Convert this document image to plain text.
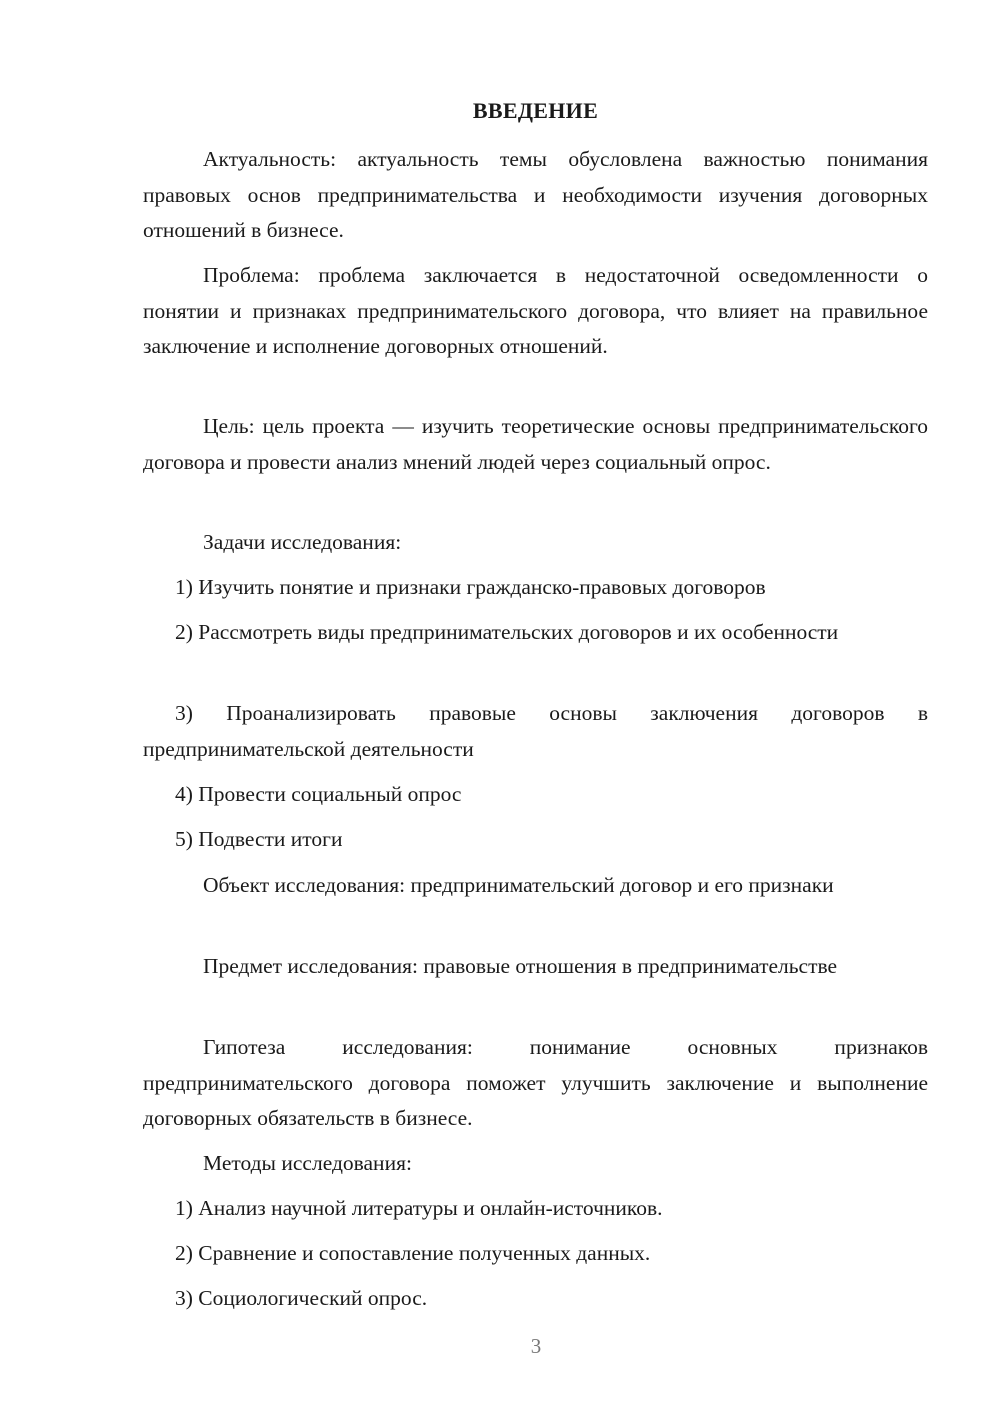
ВВЕДЕНИЕ

Актуальность: актуальность темы обусловлена важностью понимания правовых основ предпринимательства и необходимости изучения договорных отношений в бизнесе.

Проблема: проблема заключается в недостаточной осведомленности о понятии и признаках предпринимательского договора, что влияет на правильное заключение и исполнение договорных отношений.

Цель: цель проекта — изучить теоретические основы предпринимательского договора и провести анализ мнений людей через социальный опрос.

Задачи исследования:

1) Изучить понятие и признаки гражданско-правовых договоров

2) Рассмотреть виды предпринимательских договоров и их особенности

3) Проанализировать правовые основы заключения договоров в предпринимательской деятельности

4) Провести социальный опрос

5) Подвести итоги

Объект исследования: предпринимательский договор и его признаки

Предмет исследования: правовые отношения в предпринимательстве

Гипотеза исследования: понимание основных признаков предпринимательского договора поможет улучшить заключение и выполнение договорных обязательств в бизнесе.

Методы исследования:

1) Анализ научной литературы и онлайн-источников.

2) Сравнение и сопоставление полученных данных.

3) Социологический опрос.

3
